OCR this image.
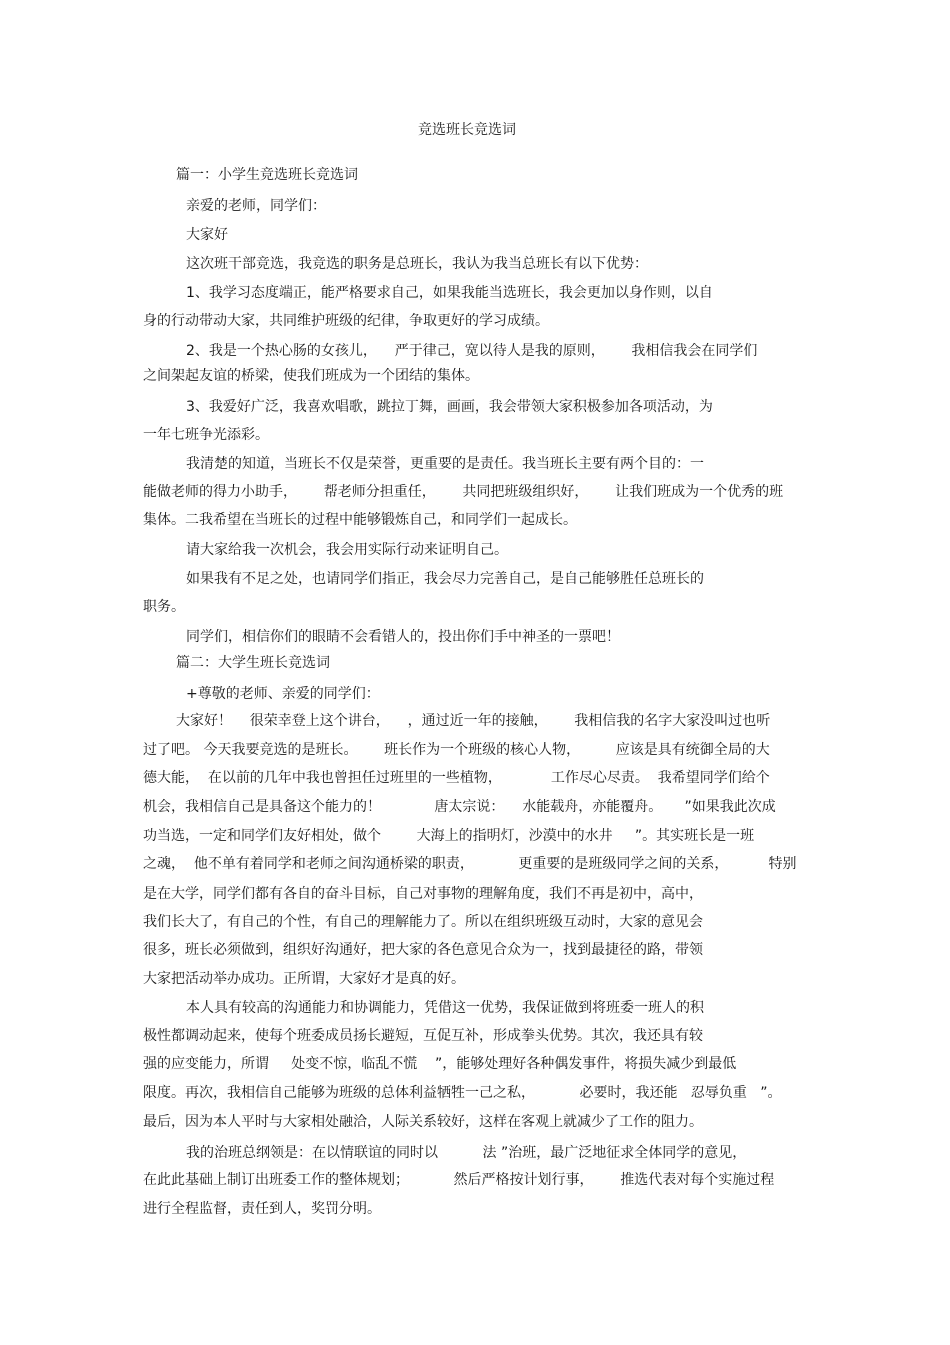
竞选班长竞选词
篇一：小学生竞选班长竞选词
亲爱的老师，同学们：
大家好
这次班干部竞选，我竞选的职务是总班长，我认为我当总班长有以下优势：
1、我学习态度端正，能严格要求自己，如果我能当选班长，我会更加以身作则，以自
身的行动带动大家，共同维护班级的纪律，争取更好的学习成绩。
2、我是一个热心肠的女孩儿，    严于律己，宽以待人是我的原则，      我相信我会在同学们
之间架起友谊的桥梁，使我们班成为一个团结的集体。
3、我爱好广泛，我喜欢唱歌，跳拉丁舞，画画，我会带领大家积极参加各项活动，为
一年七班争光添彩。
我清楚的知道，当班长不仅是荣誉，更重要的是责任。我当班长主要有两个目的：一
能做老师的得力小助手，      帮老师分担重任，      共同把班级组织好，      让我们班成为一个优秀的班
集体。二我希望在当班长的过程中能够锻炼自己，和同学们一起成长。
请大家给我一次机会，我会用实际行动来证明自己。
如果我有不足之处，也请同学们指正，我会尽力完善自己，是自己能够胜任总班长的
职务。
同学们，相信你们的眼睛不会看错人的，投出你们手中神圣的一票吧！
篇二：大学生班长竞选词
+尊敬的老师、亲爱的同学们：
大家好！    很荣幸登上这个讲台，    ，通过近一年的接触，      我相信我的名字大家没叫过也听
过了吧。 今天我要竞选的是班长。      班长作为一个班级的核心人物，        应该是具有统御全局的大
德大能，  在以前的几年中我也曾担任过班里的一些植物，           工作尽心尽责。  我希望同学们给个
机会，我相信自己是具备这个能力的！            唐太宗说：    水能载舟，亦能覆舟。     ”如果我此次成
功当选，一定和同学们友好相处，做个        大海上的指明灯，沙漠中的水井     ”。其实班长是一班
之魂，  他不单有着同学和老师之间沟通桥梁的职责，          更重要的是班级同学之间的关系，         特别
是在大学，同学们都有各自的奋斗目标，自己对事物的理解角度，我们不再是初中，高中，
我们长大了，有自己的个性，有自己的理解能力了。所以在组织班级互动时，大家的意见会
很多，班长必须做到，组织好沟通好，把大家的各色意见合众为一，找到最捷径的路，带领
大家把活动举办成功。正所谓，大家好才是真的好。
本人具有较高的沟通能力和协调能力，凭借这一优势，我保证做到将班委一班人的积
极性都调动起来，使每个班委成员扬长避短，互促互补，形成拳头优势。其次，我还具有较
强的应变能力，所谓     处变不惊，临乱不慌    ”，能够处理好各种偶发事件，将损失减少到最低
限度。再次，我相信自己能够为班级的总体利益牺牲一己之私，          必要时，我还能   忍辱负重   ”。
最后，因为本人平时与大家相处融洽，人际关系较好，这样在客观上就减少了工作的阻力。
我的治班总纲领是：在以情联谊的同时以          法 ”治班，最广泛地征求全体同学的意见，
在此此基础上制订出班委工作的整体规划；          然后严格按计划行事，      推选代表对每个实施过程
进行全程监督，责任到人，奖罚分明。
